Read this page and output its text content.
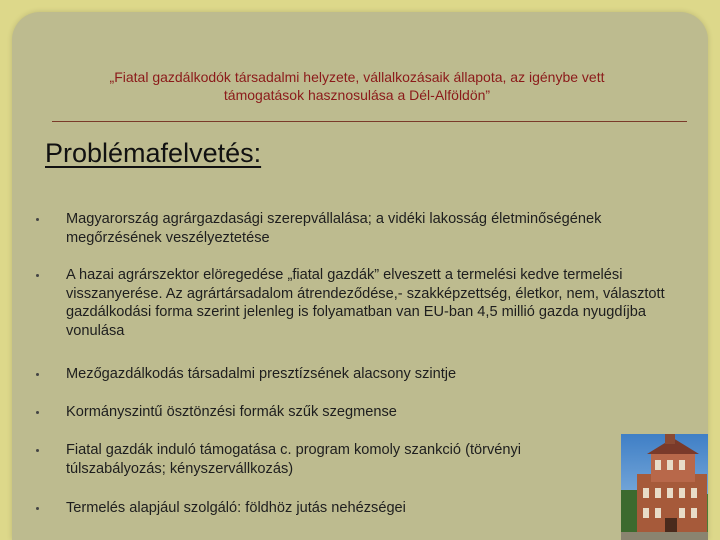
„Fiatal gazdálkodók társadalmi helyzete, vállalkozásaik állapota, az igénybe vett
támogatások hasznosulása a Dél-Alföldön”
Problémafelvetés:
Magyarország agrárgazdasági szerepvállalása; a vidéki lakosság életminőségének megőrzésének veszélyeztetése
A hazai agrárszektor elöregedése „fiatal gazdák” elveszett a termelési kedve termelési visszanyerése. Az agrártársadalom átrendeződése,- szakképzettség, életkor, nem, választott gazdálkodási forma szerint jelenleg is folyamatban van EU-ban 4,5 millió gazda nyugdíjba vonulása
Mezőgazdálkodás társadalmi presztízsének alacsony szintje
Kormányszintű ösztönzési formák szűk szegmense
Fiatal gazdák induló támogatása c. program komoly szankció (törvényi túlszabályozás; kényszervállkozás)
Termelés alapjául szolgáló: földhöz jutás nehézségei
